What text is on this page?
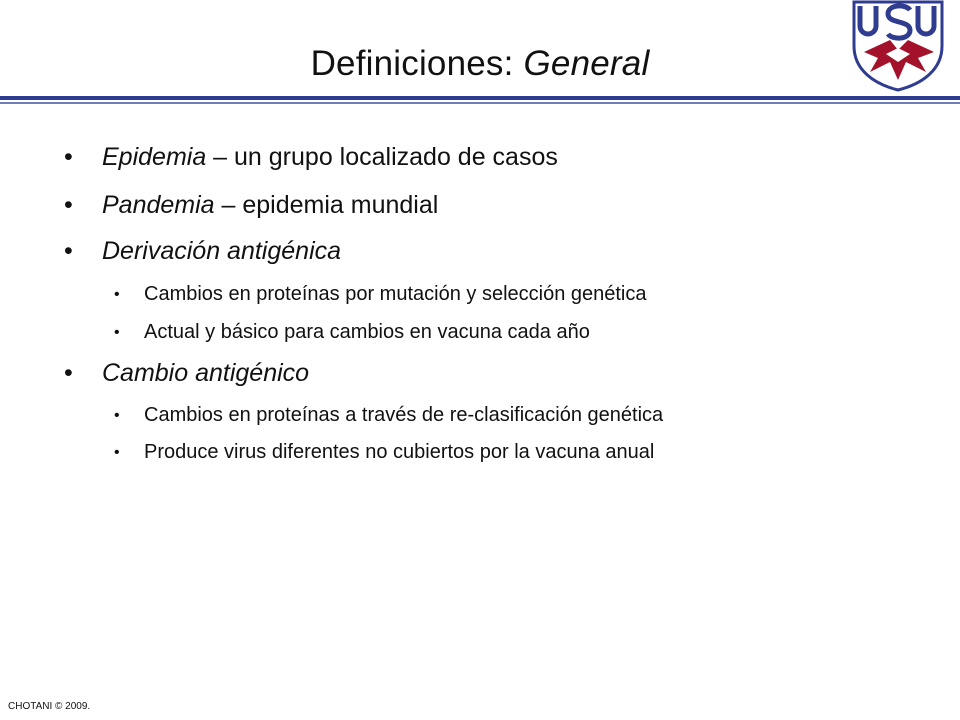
Definiciones: General
• Epidemia – un grupo localizado de casos
• Pandemia – epidemia mundial
• Derivación antigénica
• Cambios en proteínas por mutación y selección genética
• Actual y básico para cambios en vacuna cada año
• Cambio antigénico
• Cambios en proteínas a través de re-clasificación genética
• Produce virus diferentes no cubiertos por la vacuna anual
CHOTANI © 2009.
